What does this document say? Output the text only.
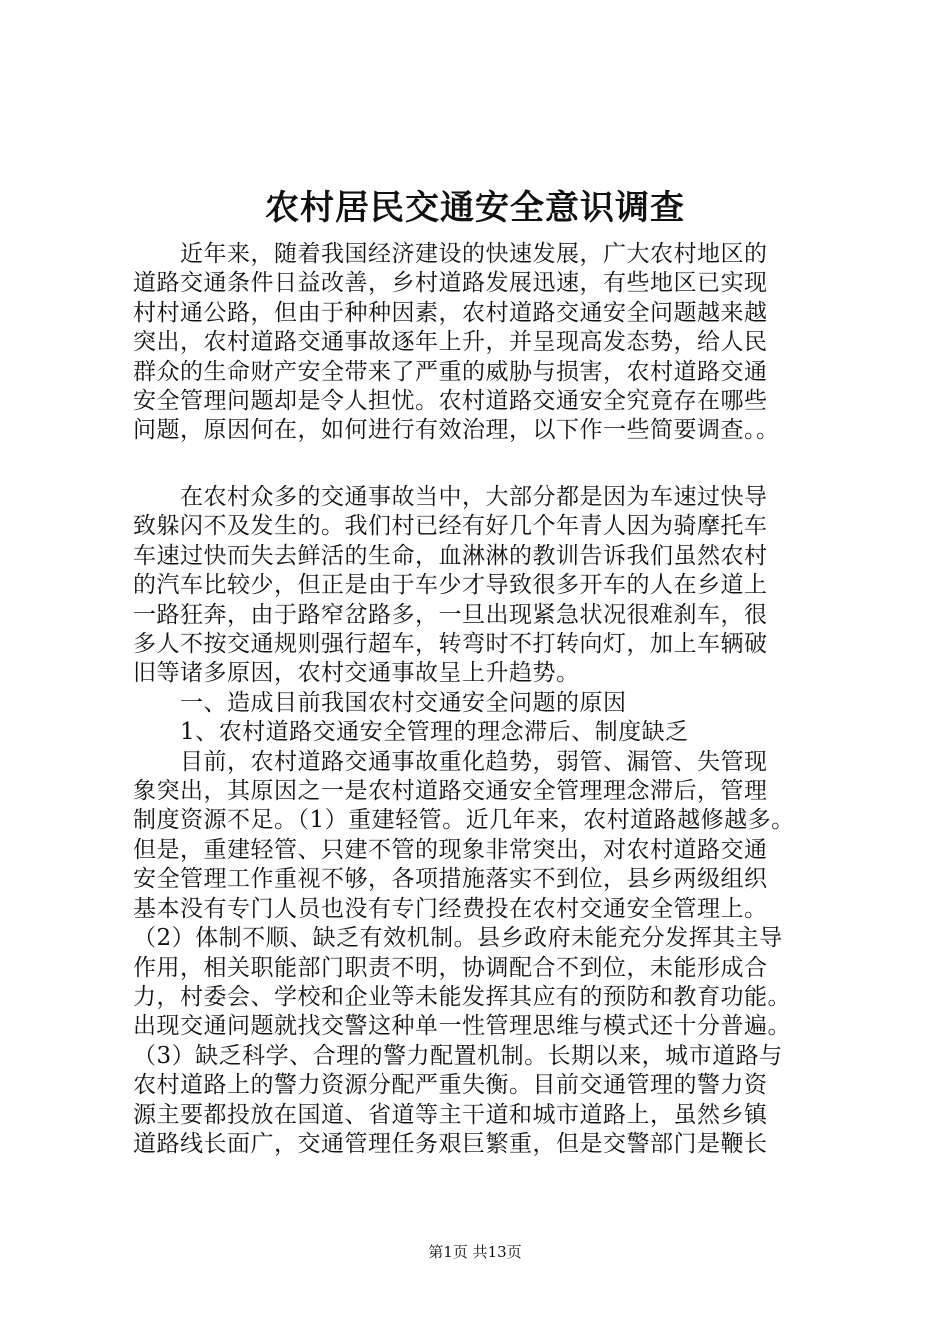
农村居民交通安全意识调查
　　近年来，随着我国经济建设的快速发展，广大农村地区的
道路交通条件日益改善，乡村道路发展迅速，有些地区已实现
村村通公路，但由于种种因素，农村道路交通安全问题越来越
突出，农村道路交通事故逐年上升，并呈现高发态势，给人民
群众的生命财产安全带来了严重的威胁与损害，农村道路交通
安全管理问题却是令人担忧。农村道路交通安全究竟存在哪些
问题，原因何在，如何进行有效治理，以下作一些简要调查。。
　　在农村众多的交通事故当中，大部分都是因为车速过快导
致躲闪不及发生的。我们村已经有好几个年青人因为骑摩托车
车速过快而失去鲜活的生命，血淋淋的教训告诉我们虽然农村
的汽车比较少，但正是由于车少才导致很多开车的人在乡道上
一路狂奔，由于路窄岔路多，一旦出现紧急状况很难刹车，很
多人不按交通规则强行超车，转弯时不打转向灯，加上车辆破
旧等诸多原因，农村交通事故呈上升趋势。
　　一、造成目前我国农村交通安全问题的原因
　　1、农村道路交通安全管理的理念滞后、制度缺乏
　　目前，农村道路交通事故重化趋势，弱管、漏管、失管现
象突出，其原因之一是农村道路交通安全管理理念滞后，管理
制度资源不足。（1）重建轻管。近几年来，农村道路越修越多。
但是，重建轻管、只建不管的现象非常突出，对农村道路交通
安全管理工作重视不够，各项措施落实不到位，县乡两级组织
基本没有专门人员也没有专门经费投在农村交通安全管理上。
（2）体制不顺、缺乏有效机制。县乡政府未能充分发挥其主导
作用，相关职能部门职责不明，协调配合不到位，未能形成合
力，村委会、学校和企业等未能发挥其应有的预防和教育功能。
出现交通问题就找交警这种单一性管理思维与模式还十分普遍。
（3）缺乏科学、合理的警力配置机制。长期以来，城市道路与
农村道路上的警力资源分配严重失衡。目前交通管理的警力资
源主要都投放在国道、省道等主干道和城市道路上，虽然乡镇
道路线长面广，交通管理任务艰巨繁重，但是交警部门是鞭长
第1页 共13页
